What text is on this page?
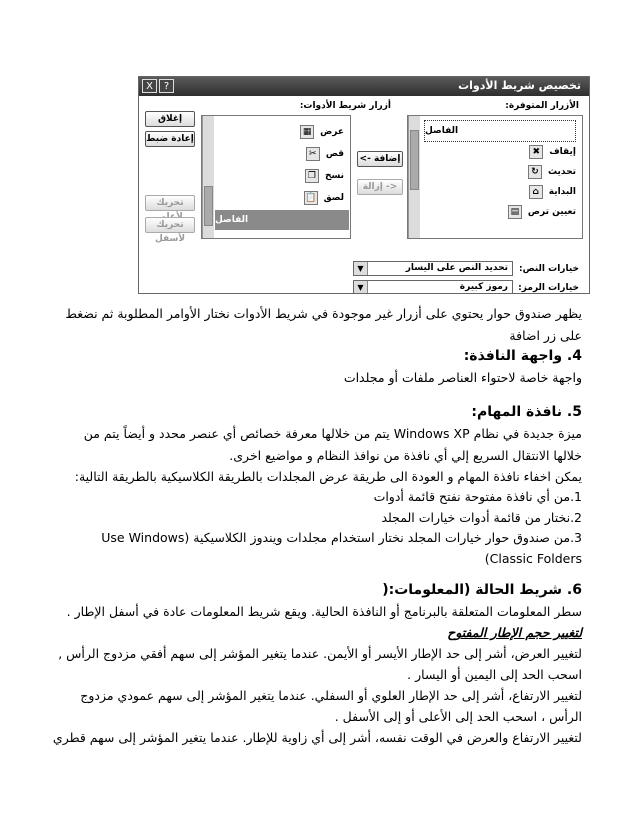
تخصيص شريط الأدوات
X	?
الأزرار المتوفرة:
أزرار شريط الأدوات:
الفاصل
إيقاف
✖
تحديث
↻
البداية
⌂
تعيين ترص
▤
إضافة ->
<- إزالة
عرض
▦
قص
✂
نسخ
❐
لصق
📋
الفاصل
إغلاق
إعادة ضبط
تحريك
تحريك لأسفل
خيارات النص:
تحديد النص على اليسار
▼
خيارات الرمز:
رموز كبيرة
▼
يظهر صندوق حوار يحتوي على أزرار غير موجودة في شريط الأدوات نختار الأوامر المطلوبة ثم نضغط
على زر اضافة
4. واجهة النافذة:
واجهة خاصة لاحتواء العناصر ملفات أو مجلدات
5. نافذة المهام:
ميزة جديدة في نظام Windows XP يتم من خلالها معرفة خصائص أي عنصر محدد و أيضاً يتم من
خلالها الانتقال السريع إلي أي نافذة من نوافذ النظام و مواضيع اخرى.
يمكن اخفاء نافذة المهام و العودة الى طريقة عرض المجلدات بالطريقة الكلاسيكية بالطريقة التالية:
1.من أي نافذة مفتوحة نفتح قائمة أدوات
2.نختار من قائمة أدوات خيارات المجلد
3.من صندوق حوار خيارات المجلد نختار استخدام مجلدات ويندوز الكلاسيكية (Use Windows
Classic Folders)
6. شريط الحالة (المعلومات:(
سطر المعلومات المتعلقة بالبرنامج أو النافذة الحالية. ويقع شريط المعلومات عادة في أسفل الإطار .
لتغيير حجم الإطار المفتوح
لتغيير العرض، أشر إلى حد الإطار الأيسر أو الأيمن. عندما يتغير المؤشر إلى سهم أفقي مزدوج الرأس ,
اسحب الحد إلى اليمين أو اليسار .
لتغيير الارتفاع، أشر إلى حد الإطار العلوي أو السفلي. عندما يتغير المؤشر إلى سهم عمودي مزدوج
الرأس ، اسحب الحد إلى الأعلى أو إلى الأسفل .
لتغيير الارتفاع والعرض في الوقت نفسه، أشر إلى أي زاوية للإطار. عندما يتغير المؤشر إلى سهم قطري
